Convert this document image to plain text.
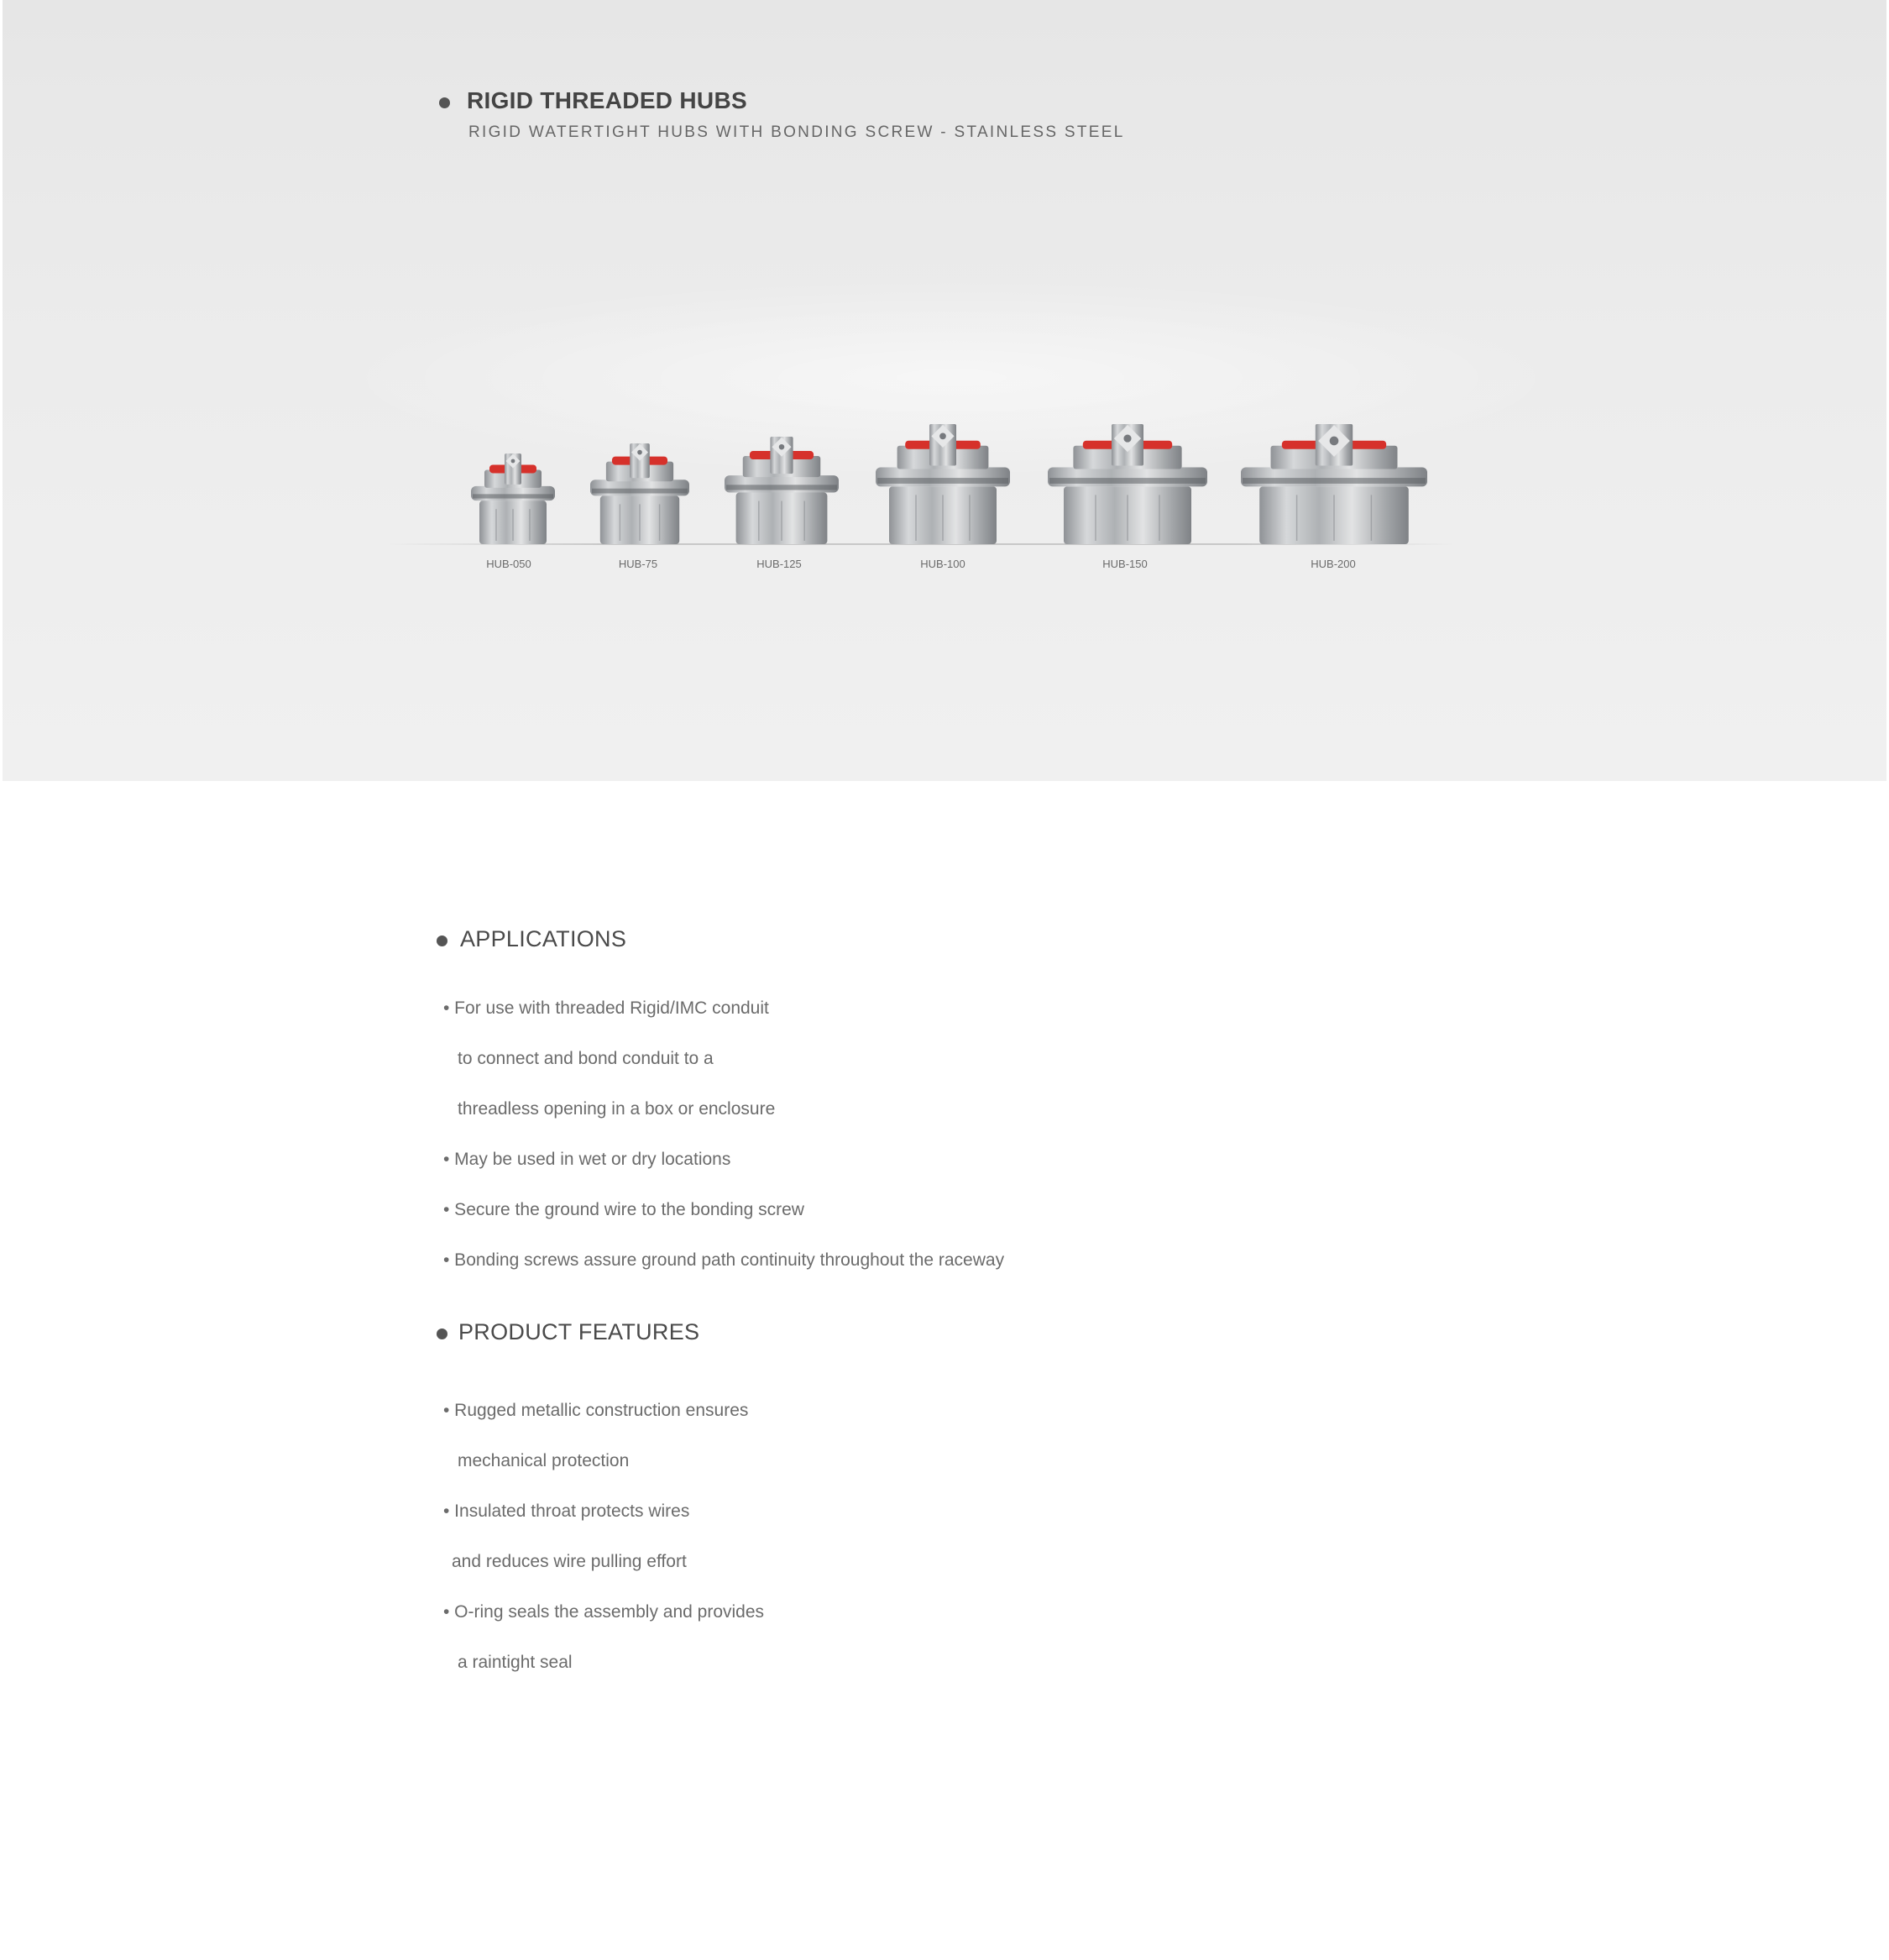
RIGID THREADED HUBS
RIGID WATERTIGHT HUBS WITH BONDING SCREW - STAINLESS STEEL
HUB-050	HUB-75	HUB-125	HUB-100	HUB-150	HUB-200
APPLICATIONS
• For use with threaded Rigid/IMC conduit
to connect and bond conduit to a
threadless opening in a box or enclosure
• May be used in wet or dry locations
• Secure the ground wire to the bonding screw
• Bonding screws assure ground path continuity throughout the raceway
PRODUCT FEATURES
• Rugged metallic construction ensures
mechanical protection
• Insulated throat protects wires
and reduces wire pulling effort
• O-ring seals the assembly and provides
a raintight seal
